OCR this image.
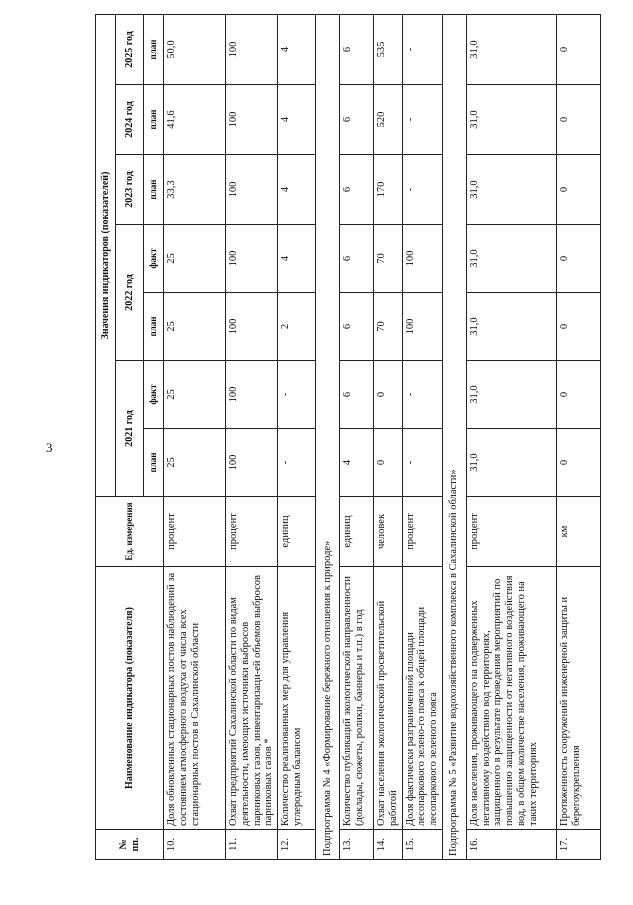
3
№ пп.	Наименование индикатора (показателя)	Ед. измерения	Значения индикаторов (показателей)						
			2021 год		2022 год		2023 год	2024 год	2025 год
			план	факт	план	факт	план	план	план
10.	Доля обновленных стационарных постов наблюдений за состоянием атмосферного воздуха от числа всех стационарных постов в Сахалинской области	процент	25	25	25	25	33,3	41,6	50,0
11.	Охват предприятий Сахалинской области по видам деятельности, имеющих источники выбросов парниковых газов, инвентаризаци-ей объемов выбросов парниковых газов *	процент	100	100	100	100	100	100	100
12.	Количество реализованных мер для управления углеродным балансом	единиц	-	-	2	4	4	4	4
Подпрограмма № 4 «Формирование бережного отношения к природе»									
13.	Количество публикаций экологической направленности (доклады, сюжеты, ролики, баннеры и т.п.) в год	единиц	4	6	6	6	6	6	6
14.	Охват населения экологической просветительской работой	человек	0	0	70	70	170	520	535
15.	Доля фактически разграниченной площади лесопаркового зелено-го пояса к общей площади лесопаркового зеленого пояса	процент	-	-	100	100	-	-	-
Подпрограмма № 5 «Развитие водохозяйственного комплекса в Сахалинской области»									
16.	Доля населения, проживающего на подверженных негативному воздействию вод территориях, защищенного в результате проведения мероприятий по повышению защищенности от негативного воздействия вод, в общем количестве населения, проживающего на таких территориях	процент	31,0	31,0	31,0	31,0	31,0	31,0	31,0
17.	Протяженность сооружений инженерной защиты и берегоукрепления	км	0	0	0	0	0	0	0
